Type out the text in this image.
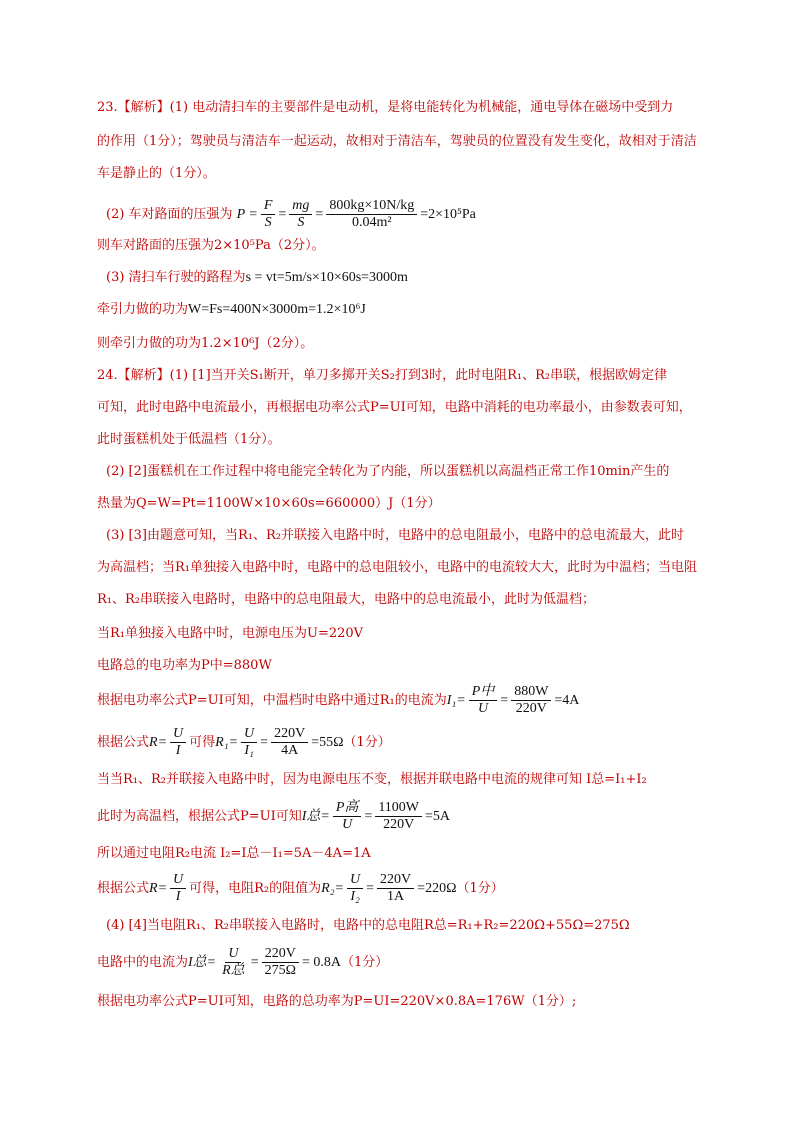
23.【解析】(1) 电动清扫车的主要部件是电动机，是将电能转化为机械能，通电导体在磁场中受到力
的作用（1分）；驾驶员与清洁车一起运动，故相对于清洁车，驾驶员的位置没有发生变化，故相对于清洁
车是静止的（1分）。
(2) 车对路面的压强为 $P = \frac{F}{S} = \frac{mg}{S} = \frac{800kg\times 10N/kg}{\text{0.04m²}} =2\times 10^5Pa$
则车对路面的压强为2×10⁵Pa（2分）。
(3) 清扫车行驶的路程为s = vt=5m/s×10×60s=3000m
牵引力做的功为W=Fs=400N×3000m=1.2×10⁶J
则牵引力做的功为1.2×10⁶J（2分）。
24.【解析】(1) [1]当开关S₁断开，单刀多掷开关S₂打到3时，此时电阻R₁、R₂串联，根据欧姆定律
可知，此时电路中电流最小，再根据电功率公式P=UI可知，电路中消耗的电功率最小，由参数表可知，
此时蛋糕机处于低温档（1分）。
(2) [2]蛋糕机在工作过程中将电能完全转化为了内能，所以蛋糕机以高温档正常工作10min产生的
热量为Q=W=Pt=1100W×10×60s=660000）J（1分）
(3) [3]由题意可知，当R₁、R₂并联接入电路中时，电路中的总电阻最小，电路中的总电流最大，此时
为高温档；当R₁单独接入电路中时，电路中的总电阻较小，电路中的电流较大大，此时为中温档；当电阻
R₁、R₂串联接入电路时，电路中的总电阻最大，电路中的总电流最小，此时为低温档；
当R₁单独接入电路中时，电源电压为U=220V
电路总的电功率为P中=880W
根据电功率公式P=UI可知，中温档时电路中通过R₁的电流为 $I_1= \frac{\text{P中}}{U} = \frac{880W}{220V} =4A$
根据公式 $R= \frac{U}{I}$ 可得 $R_1= \frac{U}{\text{I₁}} = \frac{220V}{4A} =55\Omega$ （1分）
当当R₁、R₂并联接入电路中时，因为电源电压不变，根据并联电路中电流的规律可知 I总=I₁+I₂
此时为高温档，根据公式P=UI可知 I总= $\frac{\text{P高}}{U} = \frac{1100W}{220V} =5A$
所以通过电阻R₂电流 I₂=I总－I₁=5A－4A=1A
根据公式 $R= \frac{U}{I}$ 可得，电阻R₂的阻值为 $R_2= \frac{U}{\text{I₂}} = \frac{220V}{1A} =220\Omega$ （1分）
(4) [4]当电阻R₁、R₂串联接入电路时，电路中的总电阻R总=R₁+R₂=220Ω+55Ω=275Ω
电路中的电流为 I总= $\frac{U}{\text{R总}} = \frac{220V}{275\Omega} = 0.8A$ （1分）
根据电功率公式P=UI可知，电路的总功率为P=UI=220V×0.8A=176W（1分）;
